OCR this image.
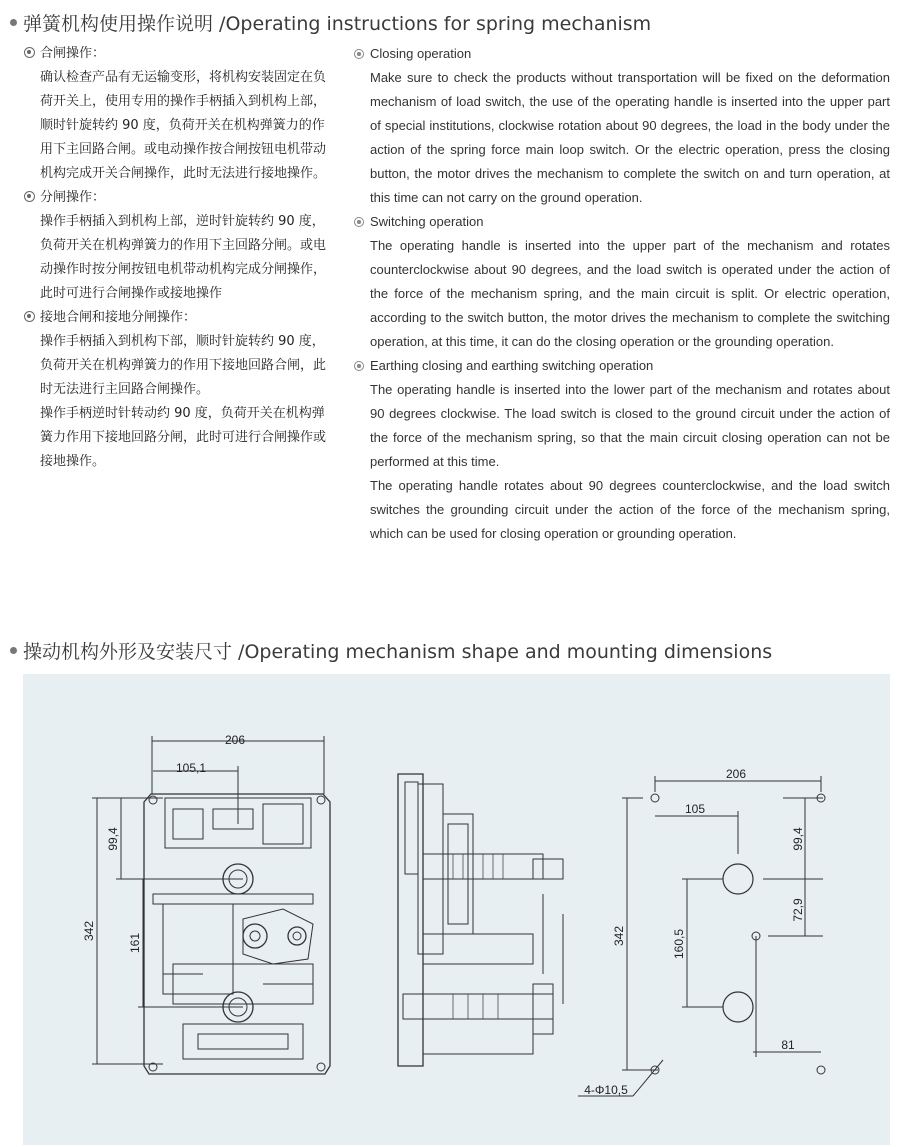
弹簧机构使用操作说明 /Operating instructions for spring mechanism
合闸操作：

确认检查产品有无运输变形，将机构安装固定在负荷开关上，使用专用的操作手柄插入到机构上部，顺时针旋转约 90 度，负荷开关在机构弹簧力的作用下主回路合闸。或电动操作按合闸按钮电机带动机构完成开关合闸操作，此时无法进行接地操作。

分闸操作：

操作手柄插入到机构上部，逆时针旋转约 90 度，负荷开关在机构弹簧力的作用下主回路分闸。或电动操作时按分闸按钮电机带动机构完成分闸操作，此时可进行合闸操作或接地操作

接地合闸和接地分闸操作：

操作手柄插入到机构下部，顺时针旋转约 90 度，负荷开关在机构弹簧力的作用下接地回路合闸，此时无法进行主回路合闸操作。

操作手柄逆时针转动约 90 度，负荷开关在机构弹簧力作用下接地回路分闸，此时可进行合闸操作或接地操作。

Closing operation

Make sure to check the products without transportation will be fixed on the deformation mechanism of load switch, the use of the operating handle is inserted into the upper part of special institutions, clockwise rotation about 90 degrees, the load in the body under the action of the spring force main loop switch. Or the electric operation, press the closing button, the motor drives the mechanism to complete the switch on and turn operation, at this time can not carry on the ground operation.

Switching operation

The operating handle is inserted into the upper part of the mechanism and rotates counterclockwise about 90 degrees, and the load switch is operated under the action of the force of the mechanism spring, and the main circuit is split. Or electric operation, according to the switch button, the motor drives the mechanism to complete the switching operation, at this time, it can do the closing operation or the grounding operation.

Earthing closing and earthing switching operation

The operating handle is inserted into the lower part of the mechanism and rotates about 90 degrees clockwise. The load switch is closed to the ground circuit under the action of the force of the mechanism spring, so that the main circuit closing operation can not be performed at this time.

The operating handle rotates about 90 degrees counterclockwise, and the load switch switches the grounding circuit under the action of the force of the mechanism spring, which can be used for closing operation or grounding operation.

操动机构外形及安装尺寸 /Operating mechanism shape and mounting dimensions
206
105,1
342
99,4
161
206
105
99,4
72,9
160,5
342
81
4-Φ10,5
